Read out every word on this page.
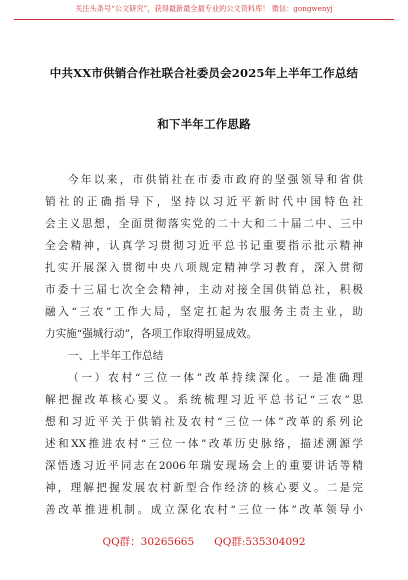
关注头条号“公文研究”，获得最新最全最专业的公文资料库！ 微信：gongwenyj
中共XX市供销合作社联合社委员会2025年上半年工作总结
和下半年工作思路
今年以来，市供销社在市委市政府的坚强领导和省供
销社的正确指导下，坚持以习近平新时代中国特色社
会主义思想，全面贯彻落实党的二十大和二十届二中、三中
全会精神，认真学习贯彻习近平总书记重要指示批示精神
扎实开展深入贯彻中央八项规定精神学习教育，深入贯彻
市委十三届七次全会精神，主动对接全国供销总社，积极
融入“三农”工作大局，坚定扛起为农服务主责主业，助
力实施“强城行动”，各项工作取得明显成效。
一、上半年工作总结
（一）农村“三位一体”改革持续深化。一是准确理
解把握改革核心要义。系统梳理习近平总书记“三农”思
想和习近平关于供销社及农村“三位一体”改革的系列论
述和XX推进农村“三位一体”改革历史脉络，描述溯源学
深悟透习近平同志在2006年瑞安现场会上的重要讲话等精
神，理解把握发展农村新型合作经济的核心要义。二是完
善改革推进机制。成立深化农村“三位一体”改革领导小
QQ群：30265665 QQ群:535304092
